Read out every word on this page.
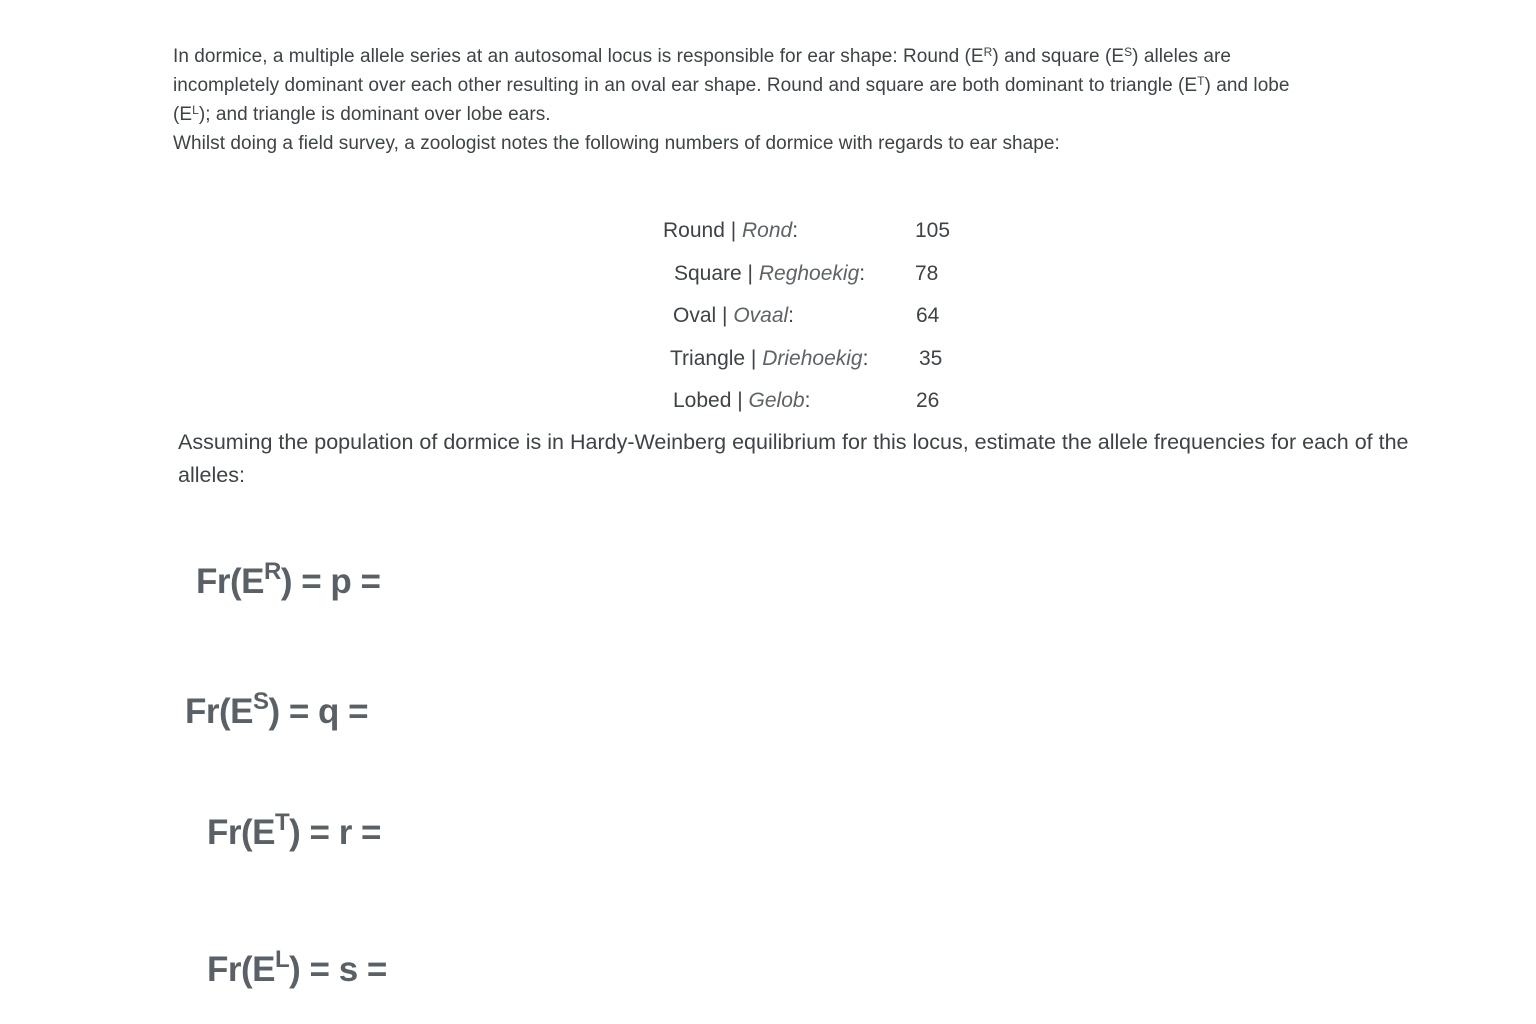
In dormice, a multiple allele series at an autosomal locus is responsible for ear shape: Round $(E^R)$ and square $(E^S)$ alleles are incompletely dominant over each other resulting in an oval ear shape. Round and square are both dominant to triangle $(E^T)$ and lobe $(E^L)$; and triangle is dominant over lobe ears.

Whilst doing a field survey, a zoologist notes the following numbers of dormice with regards to ear shape:

Round | Rond:	105
Square | Reghoekig: 78
Oval | Ovaal:	64
Triangle | Driehoekig: 35
Lobed | Gelob:	26

Assuming the population of dormice is in Hardy-Weinberg equilibrium for this locus, estimate the allele frequencies for each of the alleles:

$Fr(E^R) = p$ =
$Fr(E^S) = q$ =
$Fr(E^T) = r$ =
$Fr(E^L) = s$ =
